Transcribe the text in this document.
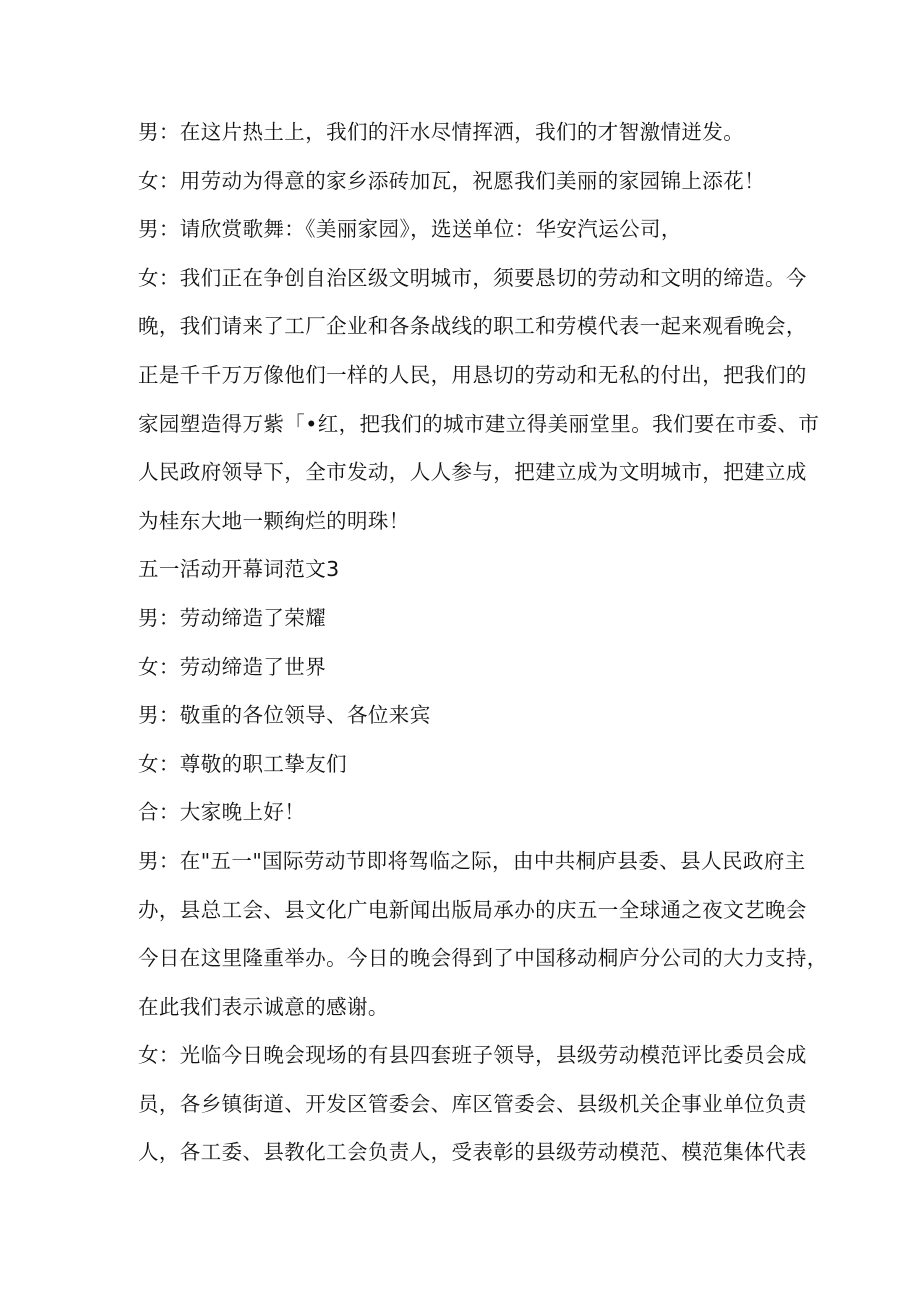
男：在这片热土上，我们的汗水尽情挥洒，我们的才智激情迸发。
女：用劳动为得意的家乡添砖加瓦，祝愿我们美丽的家园锦上添花！
男：请欣赏歌舞：《美丽家园》，选送单位：华安汽运公司，
女：我们正在争创自治区级文明城市，须要恳切的劳动和文明的缔造。今
晚，我们请来了工厂企业和各条战线的职工和劳模代表一起来观看晚会，
正是千千万万像他们一样的人民，用恳切的劳动和无私的付出，把我们的
家园塑造得万紫「•红，把我们的城市建立得美丽堂里。我们要在市委、市
人民政府领导下，全市发动，人人参与，把建立成为文明城市，把建立成
为桂东大地一颗绚烂的明珠！
五一活动开幕词范文3
男：劳动缔造了荣耀
女：劳动缔造了世界
男：敬重的各位领导、各位来宾
女：尊敬的职工挚友们
合：大家晚上好！
男：在"五一"国际劳动节即将驾临之际，由中共桐庐县委、县人民政府主
办，县总工会、县文化广电新闻出版局承办的庆五一全球通之夜文艺晚会
今日在这里隆重举办。今日的晚会得到了中国移动桐庐分公司的大力支持，
在此我们表示诚意的感谢。
女：光临今日晚会现场的有县四套班子领导，县级劳动模范评比委员会成
员，各乡镇街道、开发区管委会、库区管委会、县级机关企事业单位负责
人，各工委、县教化工会负责人，受表彰的县级劳动模范、模范集体代表
